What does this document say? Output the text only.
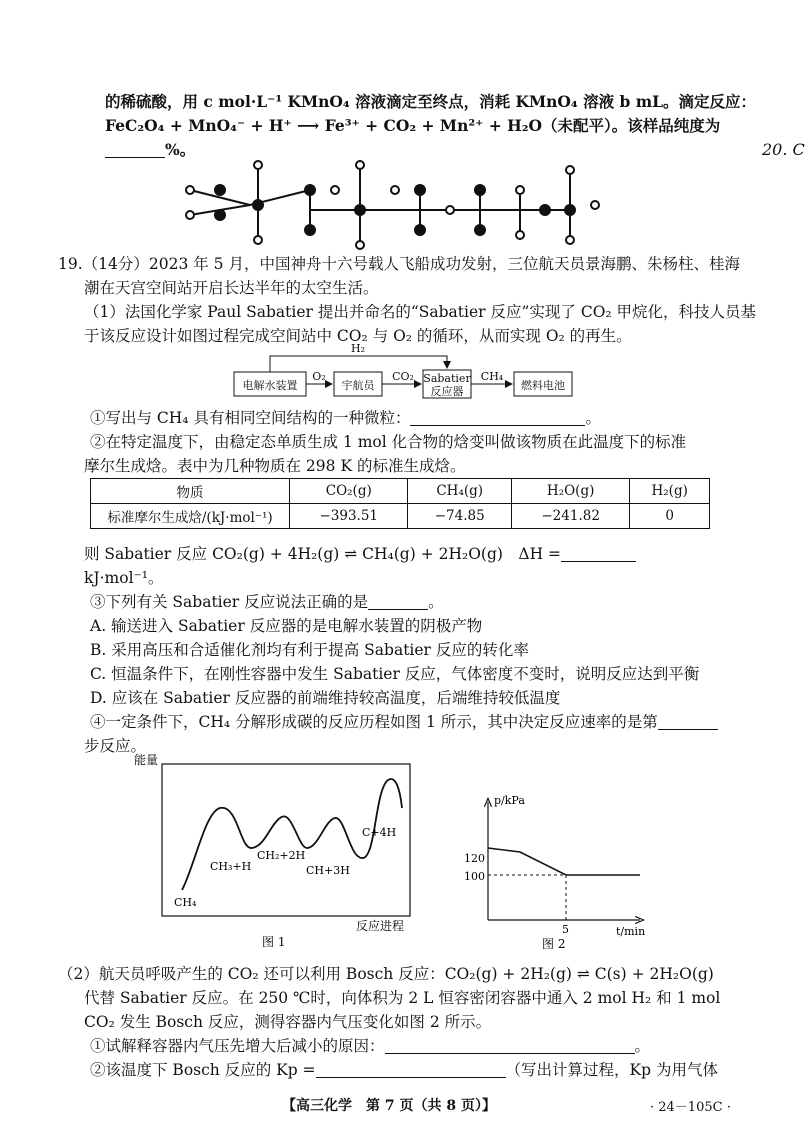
的稀硫酸，用 c mol·L⁻¹ KMnO₄ 溶液滴定至终点，消耗 KMnO₄ 溶液 b mL。滴定反应：
FeC₂O₄ + MnO₄⁻ + H⁺ ⟶ Fe³⁺ + CO₂ + Mn²⁺ + H₂O（未配平）。该样品纯度为
%。	20. C
19.（14分）2023 年 5 月，中国神舟十六号载人飞船成功发射，三位航天员景海鹏、朱杨柱、桂海
潮在天宫空间站开启长达半年的太空生活。
（1）法国化学家 Paul Sabatier 提出并命名的“Sabatier 反应”实现了 CO₂ 甲烷化，科技人员基
于该反应设计如图过程完成空间站中 CO₂ 与 O₂ 的循环，从而实现 O₂ 的再生。
H₂
电解水装置
O₂
宇航员
CO₂ Sabatier
反应器
CH₄
燃料电池
①写出与 CH₄ 具有相同空间结构的一种微粒：	。
②在特定温度下，由稳定态单质生成 1 mol 化合物的焓变叫做该物质在此温度下的标准
摩尔生成焓。表中为几种物质在 298 K 的标准生成焓。
物质	CO₂(g)	CH₄(g)	H₂O(g)	H₂(g)
标准摩尔生成焓/(kJ·mol⁻¹)	−393.51	−74.85	−241.82	0
则 Sabatier 反应 CO₂(g) + 4H₂(g) ⇌ CH₄(g) + 2H₂O(g)　ΔH =
kJ·mol⁻¹。
③下列有关 Sabatier 反应说法正确的是	。
A. 输送进入 Sabatier 反应器的是电解水装置的阴极产物
B. 采用高压和合适催化剂均有利于提高 Sabatier 反应的转化率
C. 恒温条件下，在刚性容器中发生 Sabatier 反应，气体密度不变时，说明反应达到平衡
D. 应该在 Sabatier 反应器的前端维持较高温度，后端维持较低温度
④一定条件下，CH₄ 分解形成碳的反应历程如图 1 所示，其中决定反应速率的是第
步反应。
能量
反应进程
图 1
CH₄
CH₃+H
CH₂+2H
CH+3H
C+4H
p/kPa
t/min
120
100
5
图 2
（2）航天员呼吸产生的 CO₂ 还可以利用 Bosch 反应：CO₂(g) + 2H₂(g) ⇌ C(s) + 2H₂O(g)
代替 Sabatier 反应。在 250 ℃时，向体积为 2 L 恒容密闭容器中通入 2 mol H₂ 和 1 mol
CO₂ 发生 Bosch 反应，测得容器内气压变化如图 2 所示。
①试解释容器内气压先增大后减小的原因：	。
②该温度下 Bosch 反应的 Kp =	（写出计算过程，Kp 为用气体
【高三化学　第 7 页（共 8 页）】	· 24－105C ·
